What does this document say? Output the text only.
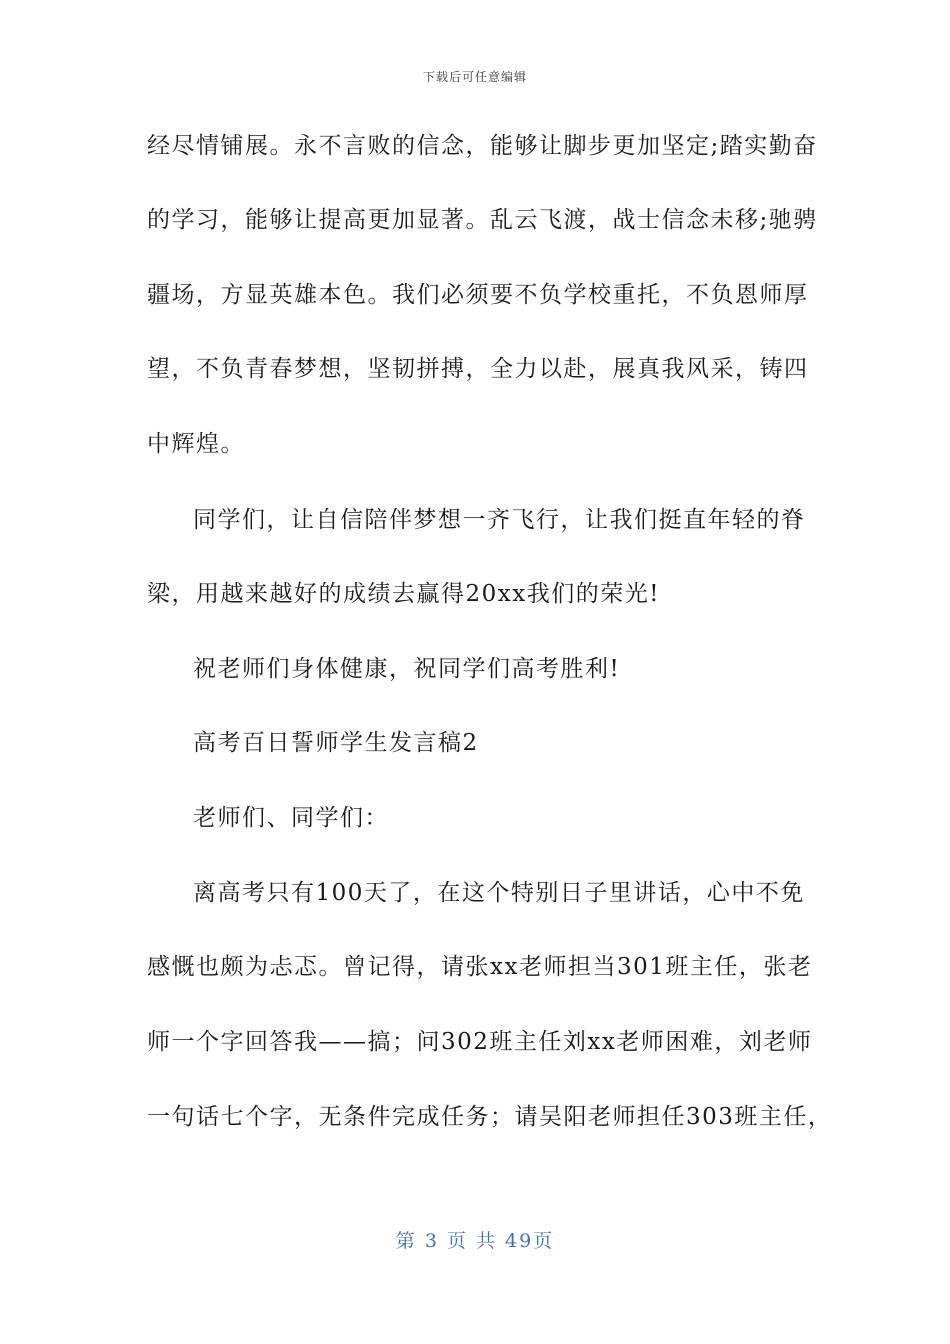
下载后可任意编辑
经尽情铺展。永不言败的信念，能够让脚步更加坚定;踏实勤奋
的学习，能够让提高更加显著。乱云飞渡，战士信念未移;驰骋
疆场，方显英雄本色。我们必须要不负学校重托，不负恩师厚
望，不负青春梦想，坚韧拼搏，全力以赴，展真我风采，铸四
中辉煌。
同学们，让自信陪伴梦想一齐飞行，让我们挺直年轻的脊
梁，用越来越好的成绩去赢得20xx我们的荣光!
祝老师们身体健康，祝同学们高考胜利!
高考百日誓师学生发言稿2
老师们、同学们：
离高考只有100天了，在这个特别日子里讲话，心中不免
感慨也颇为忐忑。曾记得，请张xx老师担当301班主任，张老
师一个字回答我——搞；问302班主任刘xx老师困难，刘老师
一句话七个字，无条件完成任务；请吴阳老师担任303班主任，
第 3 页 共 49页
